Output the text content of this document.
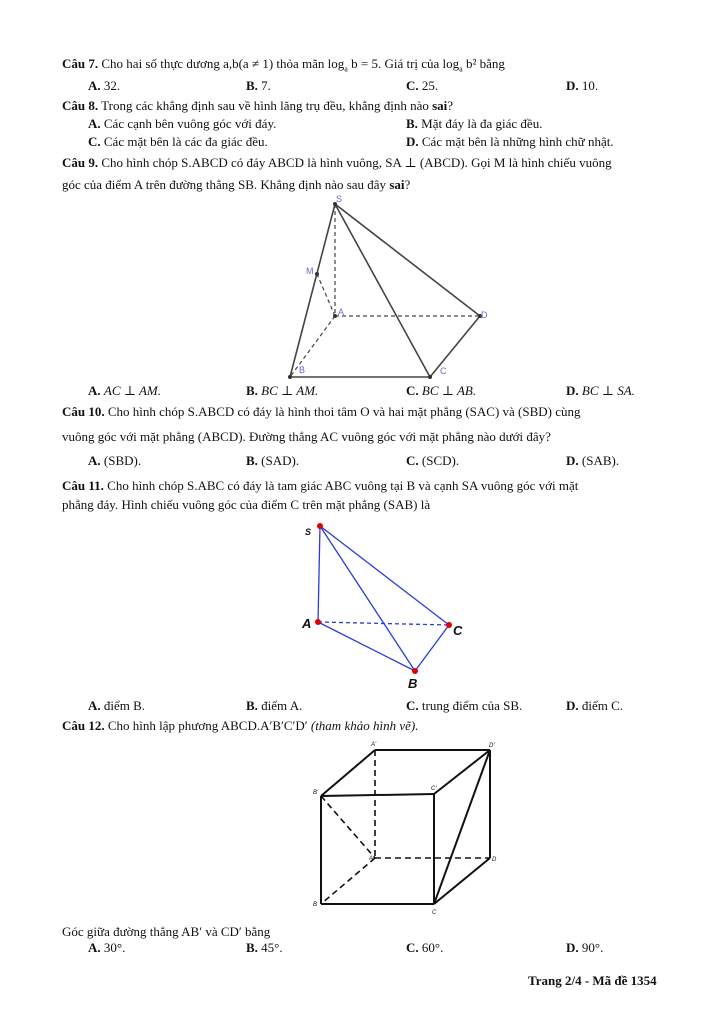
Câu 7. Cho hai số thực dương a,b(a ≠ 1) thỏa mãn $\log_a b = 5$. Giá trị của $\log_a b^2$ bằng
A. 32.	B. 7.	C. 25.	D. 10.
Câu 8. Trong các khẳng định sau về hình lăng trụ đều, khẳng định nào sai?
A. Các cạnh bên vuông góc với đáy.	B. Mặt đáy là đa giác đều.
C. Các mặt bên là các đa giác đều.	D. Các mặt bên là những hình chữ nhật.
Câu 9. Cho hình chóp S.ABCD có đáy ABCD là hình vuông, SA ⊥ (ABCD). Gọi M là hình chiếu vuông
góc của điểm A trên đường thẳng SB. Khẳng định nào sau đây sai?
S
M
A	D
B	C
A. AC ⊥ AM.	B. BC ⊥ AM.	C. BC ⊥ AB.	D. BC ⊥ SA.
Câu 10. Cho hình chóp S.ABCD có đáy là hình thoi tâm O và hai mặt phẳng (SAC) và (SBD) cùng
vuông góc với mặt phẳng (ABCD). Đường thẳng AC vuông góc với mặt phẳng nào dưới đây?
A. (SBD).	B. (SAD).	C. (SCD).	D. (SAB).
Câu 11. Cho hình chóp S.ABC có đáy là tam giác ABC vuông tại B và cạnh SA vuông góc với mặt
phẳng đáy. Hình chiếu vuông góc của điểm C trên mặt phẳng (SAB) là
S
A
B
C
A. điểm B.	B. điểm A.	C. trung điểm của SB.	D. điểm C.
Câu 12. Cho hình lập phương ABCD.A′B′C′D′ (tham khảo hình vẽ).
A'	D'
B'
C'
A	D
B
C
Góc giữa đường thẳng AB′ và CD′ bằng
A. 30°.	B. 45°.	C. 60°.	D. 90°.
Trang 2/4 - Mã đề 1354
